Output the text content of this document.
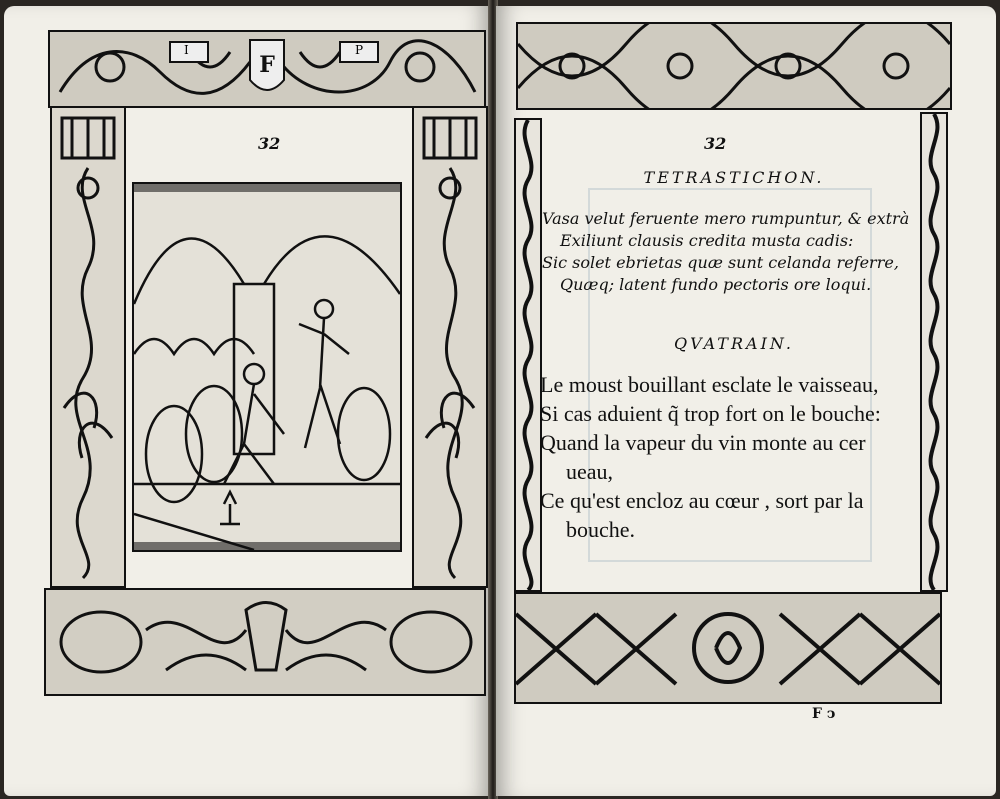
F
I	P
32	32
TETRASTICHON.
Vasa velut feruente mero rumpuntur, & extrà
Exiliunt clausis credita musta cadis:
Sic solet ebrietas quæ sunt celanda referre,
Quæq; latent fundo pectoris ore loqui.
QVATRAIN.
Le moust bouillant esclate le vaisseau,
Si cas aduient q̃ trop fort on le bouche:
Quand la vapeur du vin monte au cer
ueau,
Ce qu'est encloz au cœur , sort par la
bouche.
F ↄ
